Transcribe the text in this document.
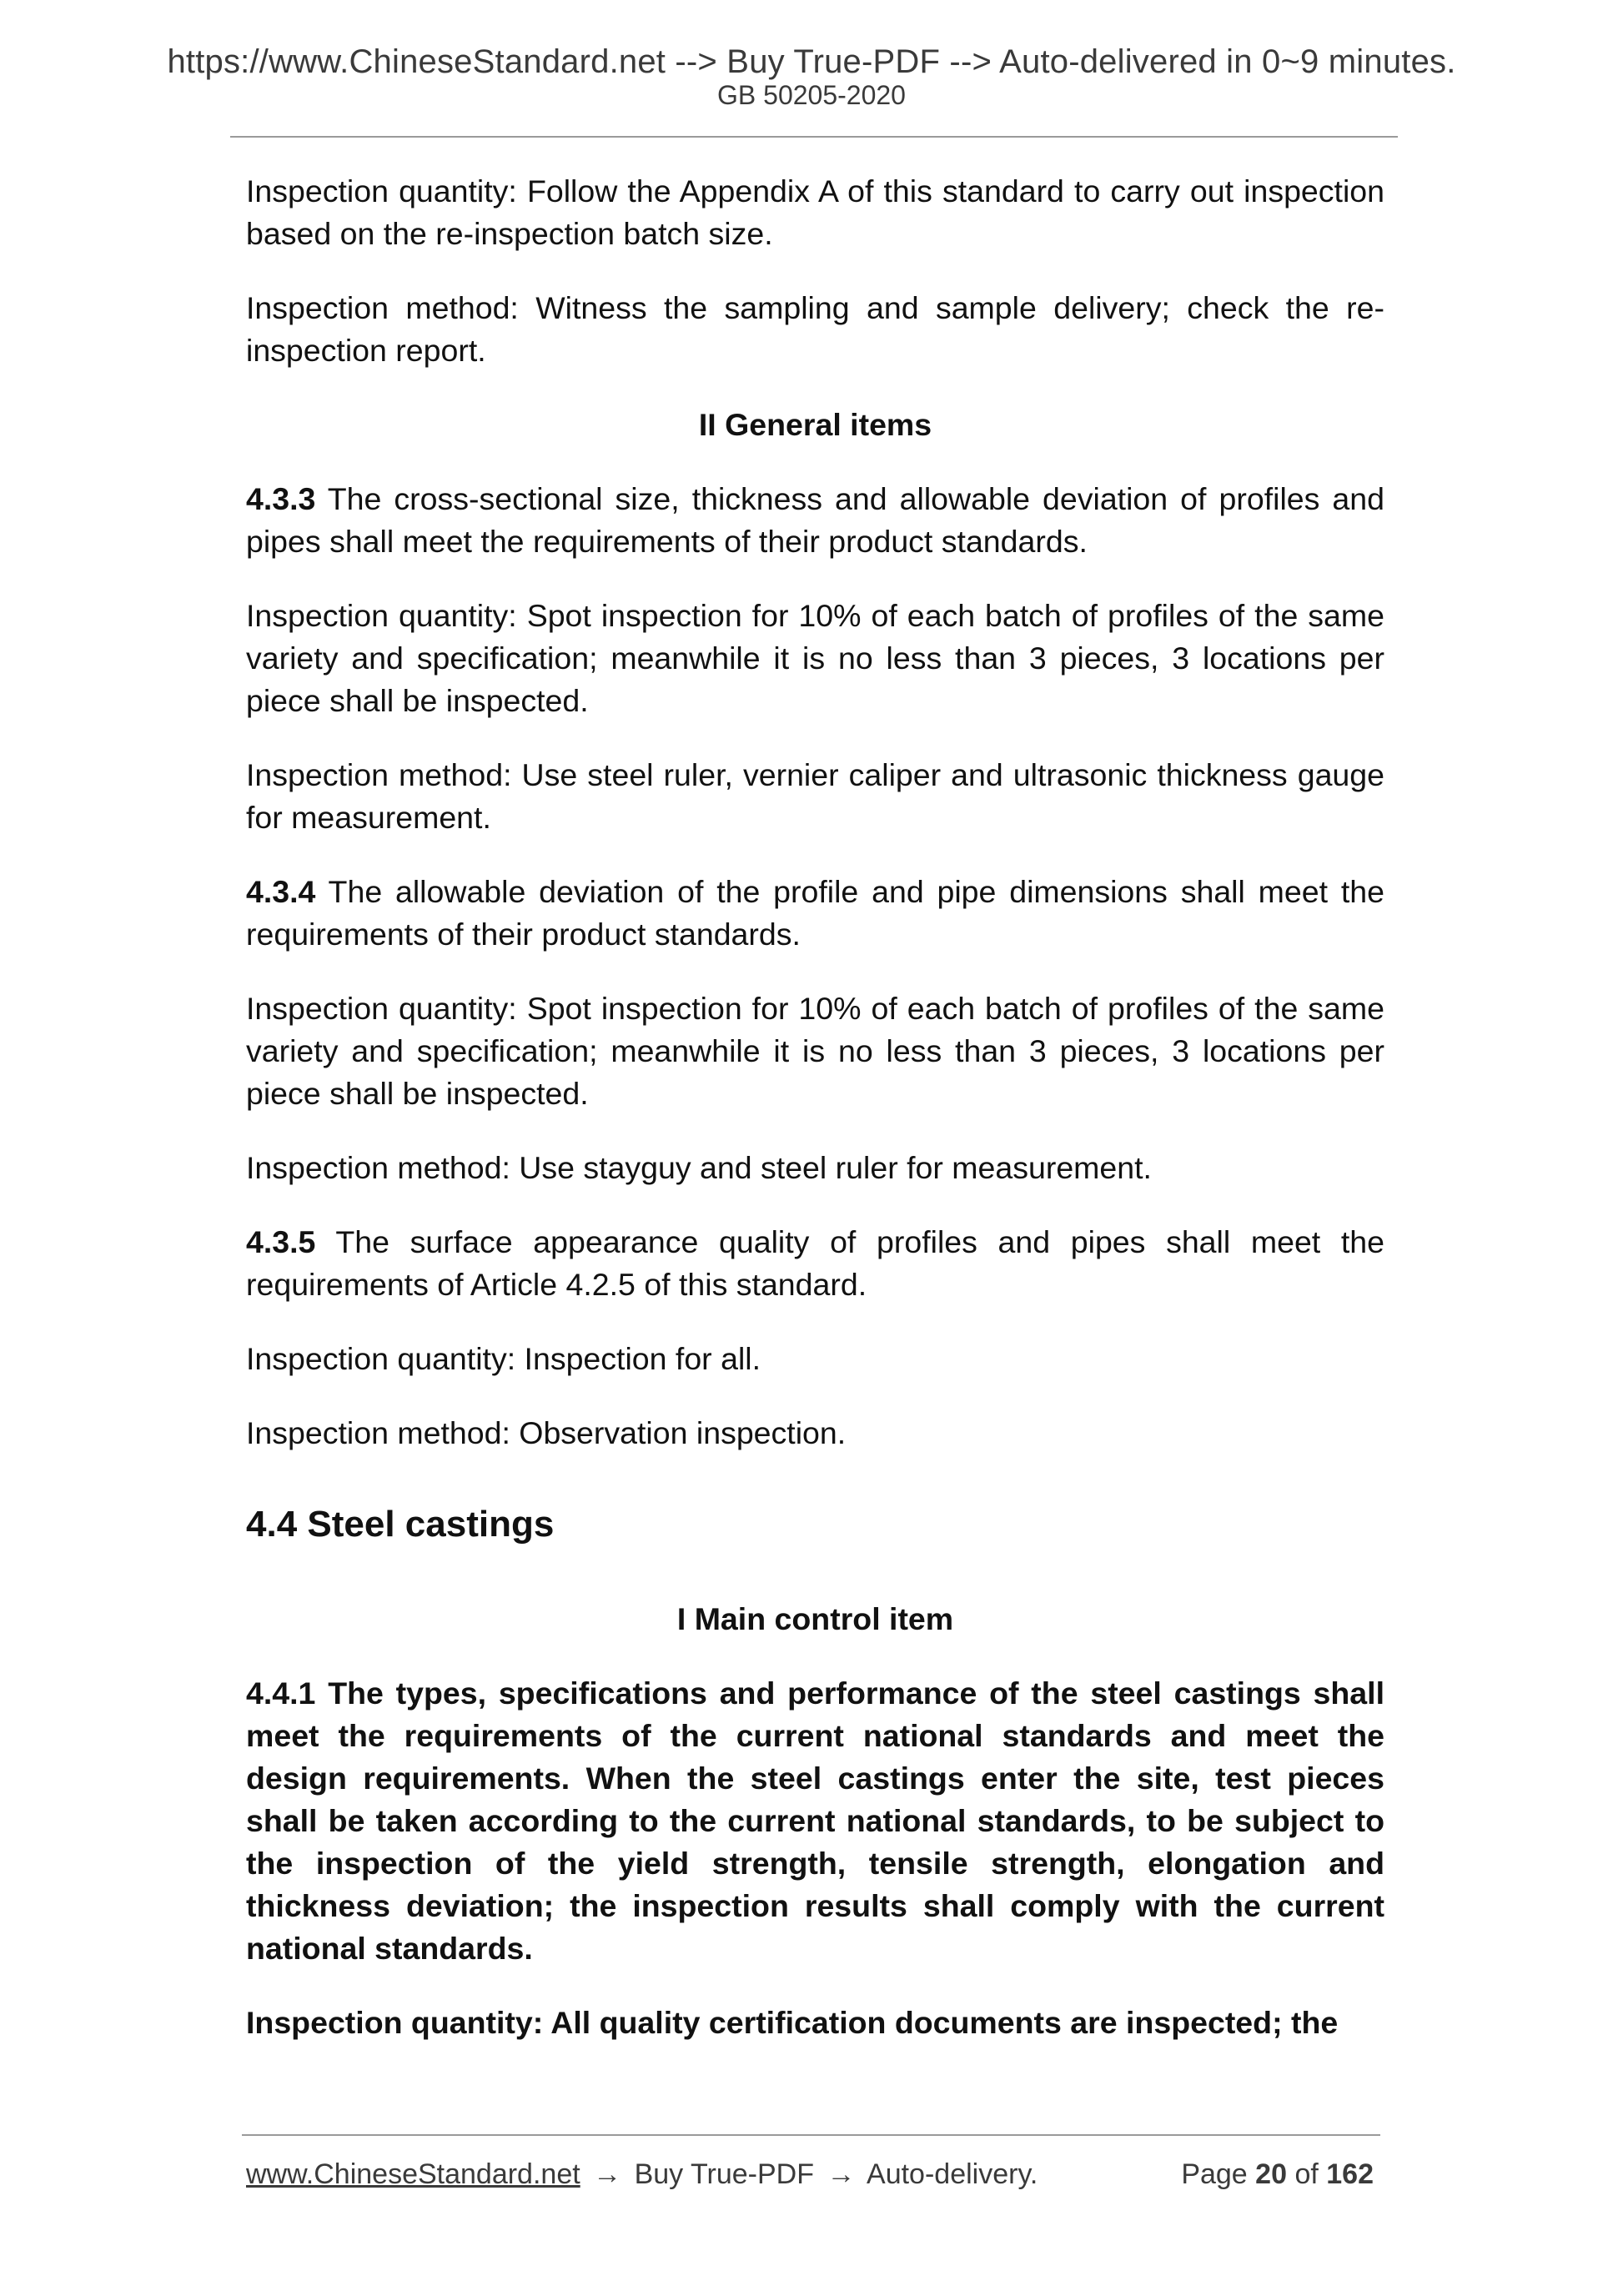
https://www.ChineseStandard.net --> Buy True-PDF --> Auto-delivered in 0~9 minutes.
GB 50205-2020

Inspection quantity: Follow the Appendix A of this standard to carry out inspection based on the re-inspection batch size.

Inspection method: Witness the sampling and sample delivery; check the re-inspection report.

II General items

4.3.3 The cross-sectional size, thickness and allowable deviation of profiles and pipes shall meet the requirements of their product standards.

Inspection quantity: Spot inspection for 10% of each batch of profiles of the same variety and specification; meanwhile it is no less than 3 pieces, 3 locations per piece shall be inspected.

Inspection method: Use steel ruler, vernier caliper and ultrasonic thickness gauge for measurement.

4.3.4 The allowable deviation of the profile and pipe dimensions shall meet the requirements of their product standards.

Inspection quantity: Spot inspection for 10% of each batch of profiles of the same variety and specification; meanwhile it is no less than 3 pieces, 3 locations per piece shall be inspected.

Inspection method: Use stayguy and steel ruler for measurement.

4.3.5 The surface appearance quality of profiles and pipes shall meet the requirements of Article 4.2.5 of this standard.

Inspection quantity: Inspection for all.

Inspection method: Observation inspection.

4.4 Steel castings

I Main control item

4.4.1 The types, specifications and performance of the steel castings shall meet the requirements of the current national standards and meet the design requirements. When the steel castings enter the site, test pieces shall be taken according to the current national standards, to be subject to the inspection of the yield strength, tensile strength, elongation and thickness deviation; the inspection results shall comply with the current national standards.

Inspection quantity: All quality certification documents are inspected; the

www.ChineseStandard.net → Buy True-PDF → Auto-delivery.	Page 20 of 162
